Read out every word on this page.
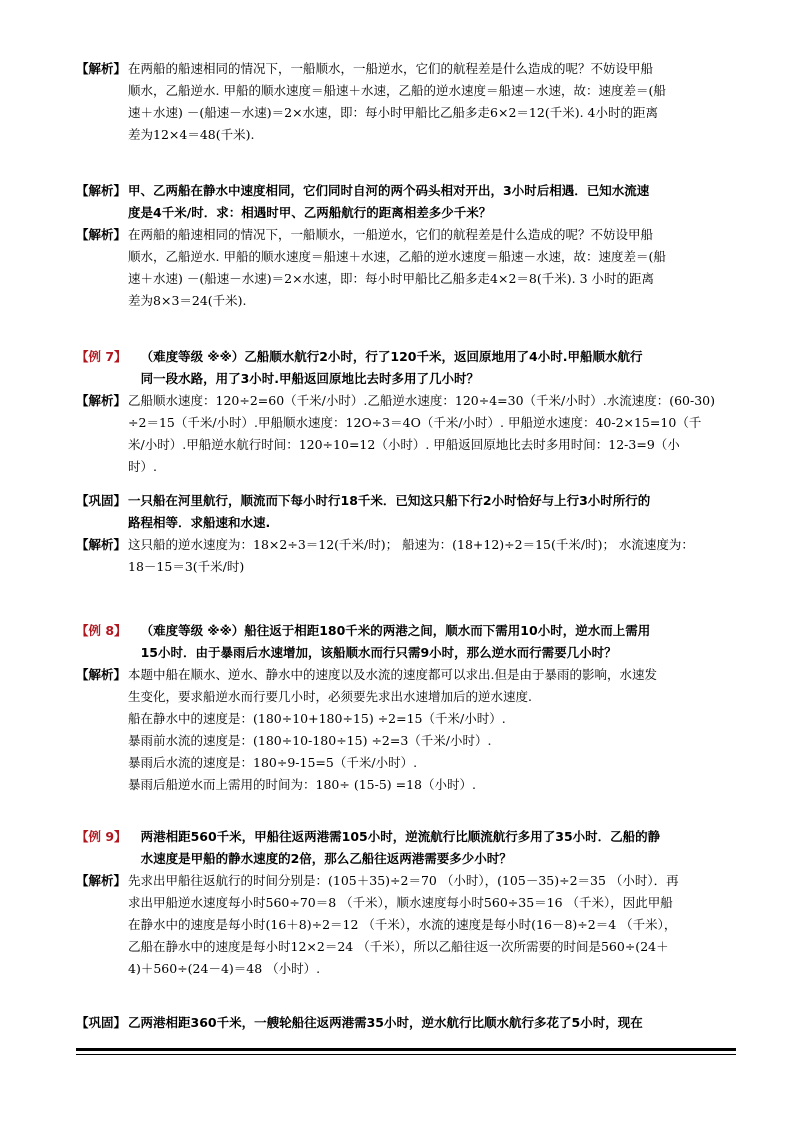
【解析】 在两船的船速相同的情况下，一船顺水，一船逆水，它们的航程差是什么造成的呢？不妨设甲船
顺水，乙船逆水. 甲船的顺水速度＝船速＋水速，乙船的逆水速度＝船速－水速，故：速度差＝(船
速＋水速) －(船速－水速)＝2×水速，即：每小时甲船比乙船多走6×2＝12(千米). 4小时的距离
差为12×4＝48(千米).
【解析】 甲、乙两船在静水中速度相同，它们同时自河的两个码头相对开出，3小时后相遇．已知水流速
度是4千米/时．求：相遇时甲、乙两船航行的距离相差多少千米？
【解析】 在两船的船速相同的情况下，一船顺水，一船逆水，它们的航程差是什么造成的呢？不妨设甲船
顺水，乙船逆水. 甲船的顺水速度＝船速＋水速，乙船的逆水速度＝船速－水速，故：速度差＝(船
速＋水速) －(船速－水速)＝2×水速，即：每小时甲船比乙船多走4×2＝8(千米). 3 小时的距离
差为8×3＝24(千米).
【例 7】 （难度等级 ※※）乙船顺水航行2小时，行了120千米，返回原地用了4小时.甲船顺水航行
同一段水路，用了3小时.甲船返回原地比去时多用了几小时？
【解析】 乙船顺水速度：120÷2=60（千米/小时）.乙船逆水速度：120÷4=30（千米/小时）.水流速度：(60-30)
÷2＝15（千米/小时）.甲船顺水速度：12O÷3＝4O（千米/小时）. 甲船逆水速度：40-2×15=10（千
米/小时）.甲船逆水航行时间：120÷10=12（小时）. 甲船返回原地比去时多用时间：12-3=9（小
时）.
【巩固】 一只船在河里航行，顺流而下每小时行18千米．已知这只船下行2小时恰好与上行3小时所行的
路程相等．求船速和水速.
【解析】 这只船的逆水速度为：18×2÷3＝12(千米/时)； 船速为：(18+12)÷2＝15(千米/时)； 水流速度为：
18－15＝3(千米/时)
【例 8】 （难度等级 ※※）船往返于相距180千米的两港之间，顺水而下需用10小时，逆水而上需用
15小时．由于暴雨后水速增加，该船顺水而行只需9小时，那么逆水而行需要几小时？
【解析】 本题中船在顺水、逆水、静水中的速度以及水流的速度都可以求出.但是由于暴雨的影响，水速发
生变化，要求船逆水而行要几小时，必须要先求出水速增加后的逆水速度.
船在静水中的速度是：(180÷10+180÷15) ÷2=15（千米/小时）.
暴雨前水流的速度是：(180÷10-180÷15) ÷2=3（千米/小时）.
暴雨后水流的速度是：180÷9-15=5（千米/小时）.
暴雨后船逆水而上需用的时间为：180÷ (15-5) =18（小时）.
【例 9】 两港相距560千米，甲船往返两港需105小时，逆流航行比顺流航行多用了35小时．乙船的静
水速度是甲船的静水速度的2倍，那么乙船往返两港需要多少小时？
【解析】 先求出甲船往返航行的时间分别是：(105＋35)÷2＝70 （小时），(105－35)÷2＝35 （小时）．再
求出甲船逆水速度每小时560÷70＝8 （千米），顺水速度每小时560÷35＝16 （千米），因此甲船
在静水中的速度是每小时(16＋8)÷2＝12 （千米），水流的速度是每小时(16－8)÷2＝4 （千米），
乙船在静水中的速度是每小时12×2＝24 （千米），所以乙船往返一次所需要的时间是560÷(24＋
4)＋560÷(24－4)＝48 （小时）.
【巩固】 乙两港相距360千米，一艘轮船往返两港需35小时，逆水航行比顺水航行多花了5小时，现在
